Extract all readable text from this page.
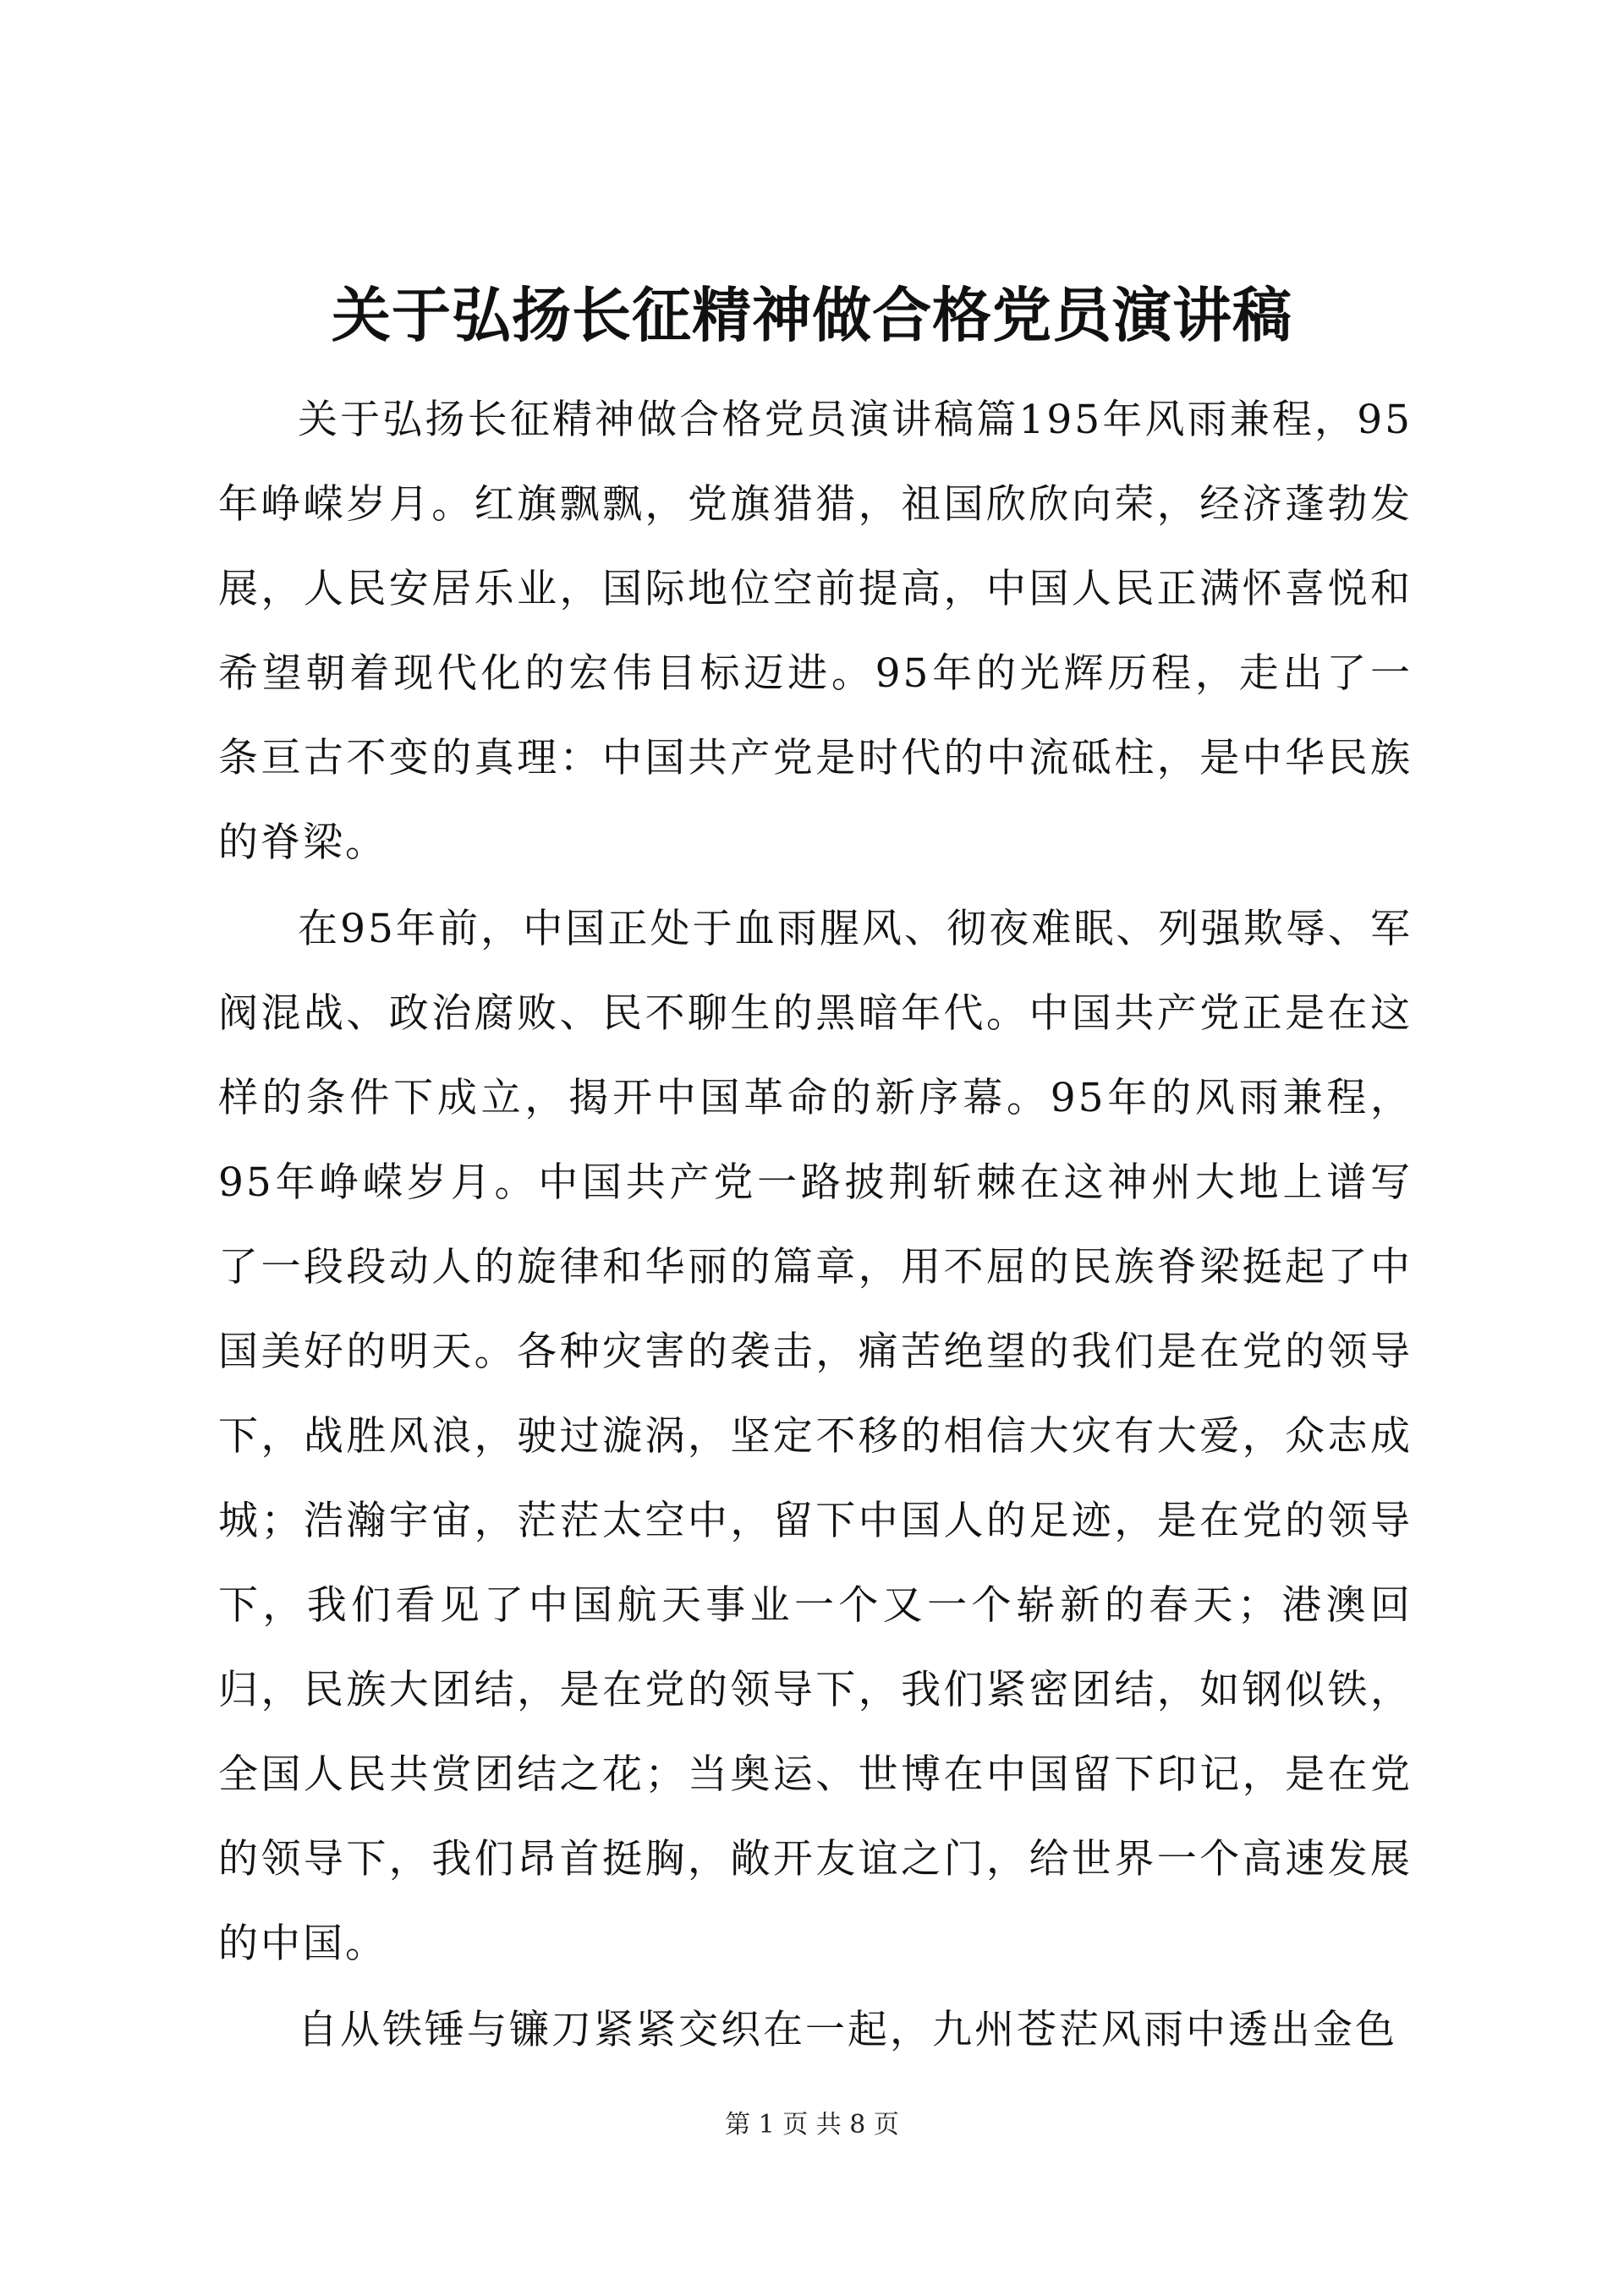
关于弘扬长征精神做合格党员演讲稿

关于弘扬长征精神做合格党员演讲稿篇195年风雨兼程，95年峥嵘岁月。红旗飘飘，党旗猎猎，祖国欣欣向荣，经济蓬勃发展，人民安居乐业，国际地位空前提高，中国人民正满怀喜悦和希望朝着现代化的宏伟目标迈进。95年的光辉历程，走出了一条亘古不变的真理：中国共产党是时代的中流砥柱，是中华民族的脊梁。

在95年前，中国正处于血雨腥风、彻夜难眠、列强欺辱、军阀混战、政治腐败、民不聊生的黑暗年代。中国共产党正是在这样的条件下成立，揭开中国革命的新序幕。95年的风雨兼程，95年峥嵘岁月。中国共产党一路披荆斩棘在这神州大地上谱写了一段段动人的旋律和华丽的篇章，用不屈的民族脊梁挺起了中国美好的明天。各种灾害的袭击，痛苦绝望的我们是在党的领导下，战胜风浪，驶过漩涡，坚定不移的相信大灾有大爱，众志成城；浩瀚宇宙，茫茫太空中，留下中国人的足迹，是在党的领导下，我们看见了中国航天事业一个又一个崭新的春天；港澳回归，民族大团结，是在党的领导下，我们紧密团结，如钢似铁，全国人民共赏团结之花；当奥运、世博在中国留下印记，是在党的领导下，我们昂首挺胸，敞开友谊之门，给世界一个高速发展的中国。

自从铁锤与镰刀紧紧交织在一起，九州苍茫风雨中透出金色

第 1 页 共 8 页
